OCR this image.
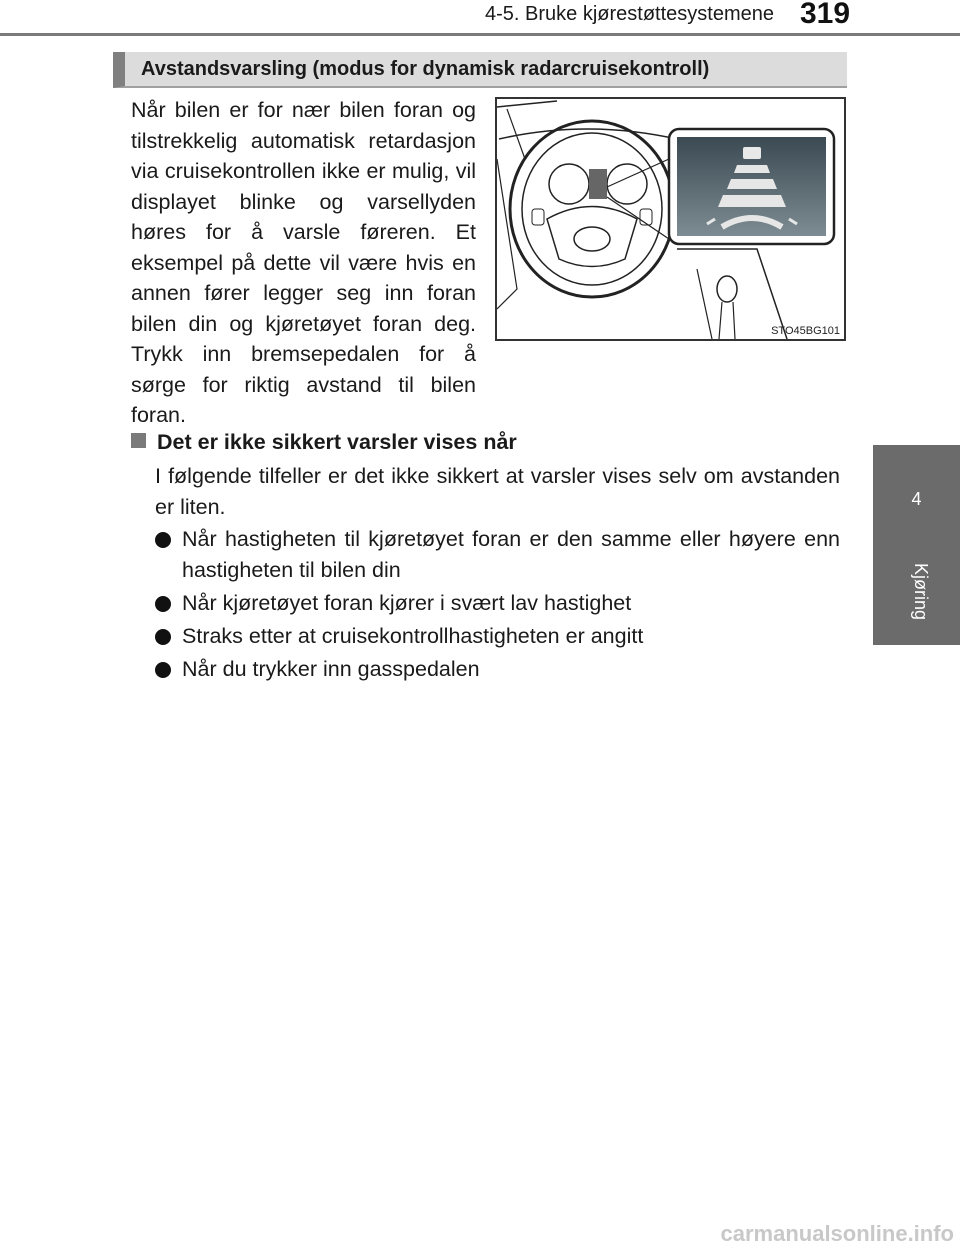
4-5. Bruke kjørestøttesystemene 319
4
Kjøring
Avstandsvarsling (modus for dynamisk radarcruisekontroll)

Når bilen er for nær bilen foran og tilstrekkelig automatisk retardasjon via cruisekontrollen ikke er mulig, vil displayet blinke og varsellyden høres for å varsle føreren. Et eksempel på dette vil være hvis en annen fører legger seg inn foran bilen din og kjøretøyet foran deg. Trykk inn bremsepedalen for å sørge for riktig avstand til bilen foran.

STO45BG101
Det er ikke sikkert varsler vises når

I følgende tilfeller er det ikke sikkert at varsler vises selv om avstanden er liten.

Når hastigheten til kjøretøyet foran er den samme eller høyere enn hastigheten til bilen din
Når kjøretøyet foran kjører i svært lav hastighet
Straks etter at cruisekontrollhastigheten er angitt
Når du trykker inn gasspedalen
carmanualsonline.info
